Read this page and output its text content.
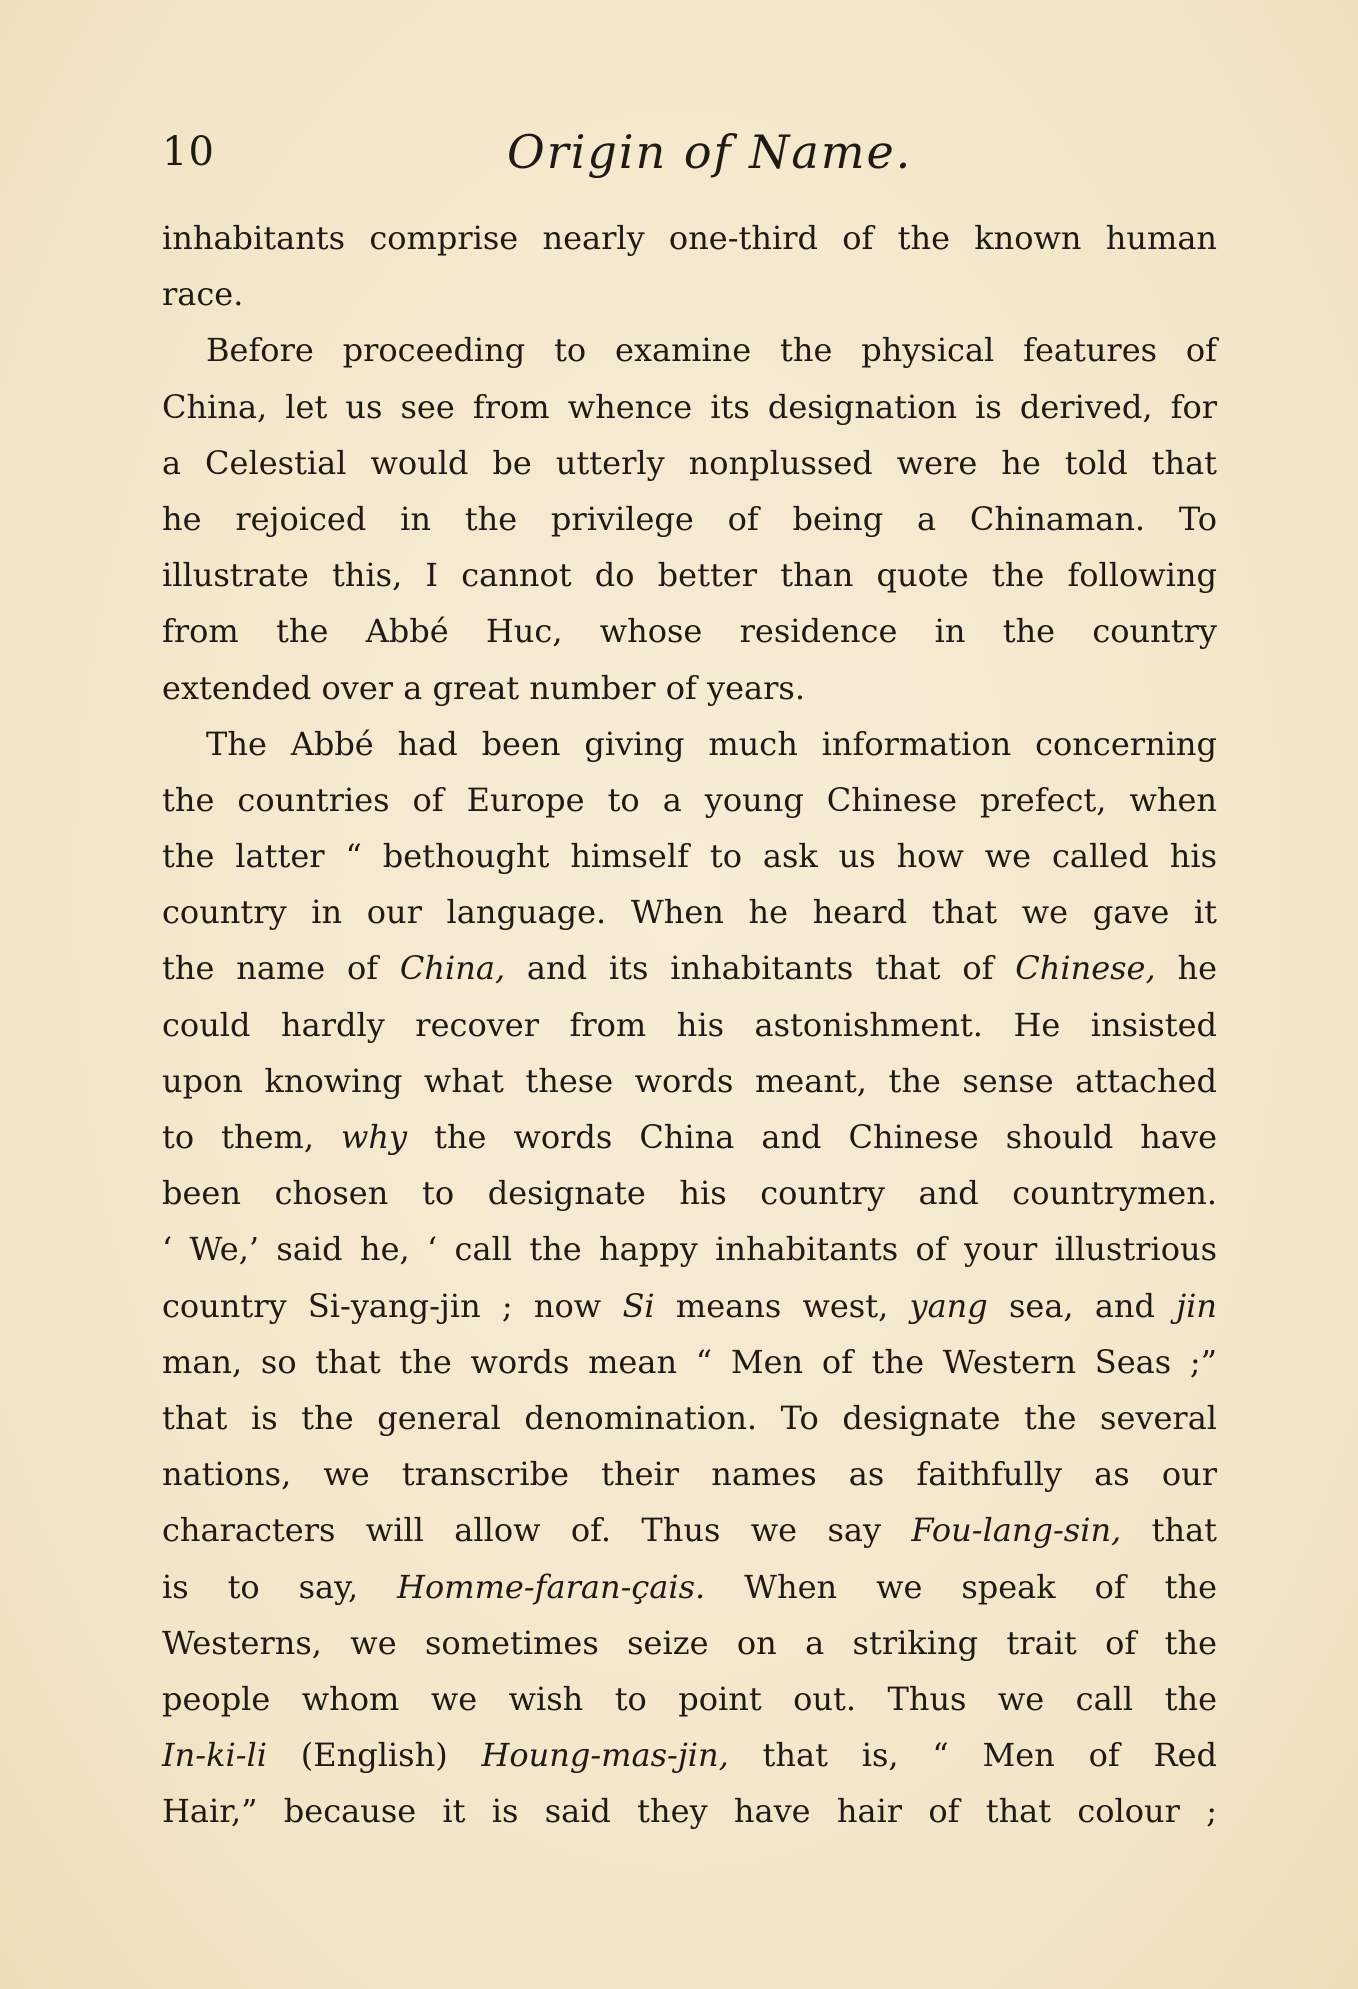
10	Origin of Name.
inhabitants comprise nearly one-third of the known human
race.
Before proceeding to examine the physical features of
China, let us see from whence its designation is derived, for
a Celestial would be utterly nonplussed were he told that
he rejoiced in the privilege of being a Chinaman. To
illustrate this, I cannot do better than quote the following
from the Abbé Huc, whose residence in the country
extended over a great number of years.
The Abbé had been giving much information concerning
the countries of Europe to a young Chinese prefect, when
the latter “ bethought himself to ask us how we called his
country in our language. When he heard that we gave it
the name of China, and its inhabitants that of Chinese, he
could hardly recover from his astonishment. He insisted
upon knowing what these words meant, the sense attached
to them, why the words China and Chinese should have
been chosen to designate his country and countrymen.
‘ We,’ said he, ‘ call the happy inhabitants of your illustrious
country Si-yang-jin ; now Si means west, yang sea, and jin
man, so that the words mean “ Men of the Western Seas ;”
that is the general denomination. To designate the several
nations, we transcribe their names as faithfully as our
characters will allow of. Thus we say Fou-lang-sin, that
is to say, Homme-faran-çais. When we speak of the
Westerns, we sometimes seize on a striking trait of the
people whom we wish to point out. Thus we call the
In-ki-li (English) Houng-mas-jin, that is, “ Men of Red
Hair,” because it is said they have hair of that colour ;
